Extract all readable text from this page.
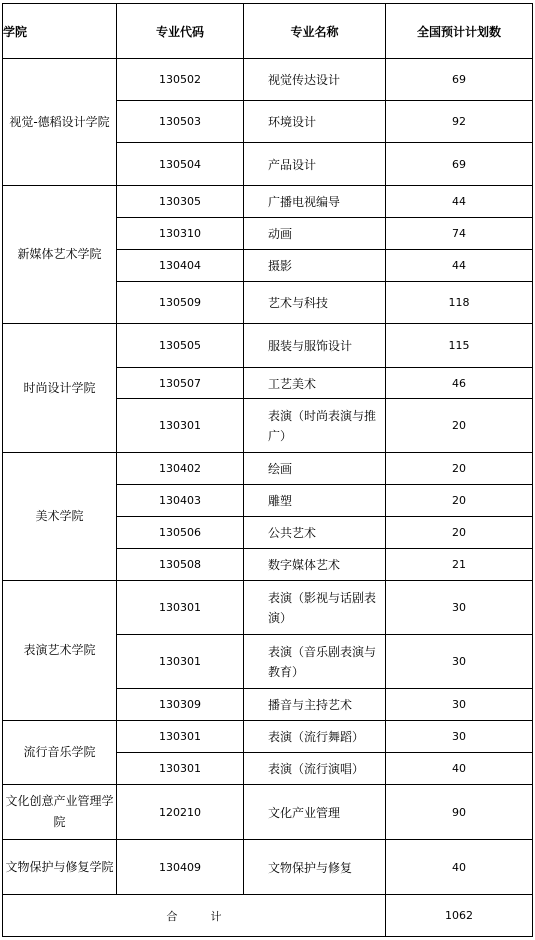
学院	专业代码	专业名称	全国预计计划数
视觉-德稻设计学院	130502	视觉传达设计	69
	130503	环境设计	92
	130504	产品设计	69
新媒体艺术学院	130305	广播电视编导	44
	130310	动画	74
	130404	摄影	44
	130509	艺术与科技	118
时尚设计学院	130505	服装与服饰设计	115
	130507	工艺美术	46
	130301	表演（时尚表演与推广）	20
美术学院	130402	绘画	20
	130403	雕塑	20
	130506	公共艺术	20
	130508	数字媒体艺术	21
表演艺术学院	130301	表演（影视与话剧表演）	30
	130301	表演（音乐剧表演与教育）	30
	130309	播音与主持艺术	30
流行音乐学院	130301	表演（流行舞蹈）	30
	130301	表演（流行演唱）	40
文化创意产业管理学院	120210	文化产业管理	90
文物保护与修复学院	130409	文物保护与修复	40
合　　　计			1062
